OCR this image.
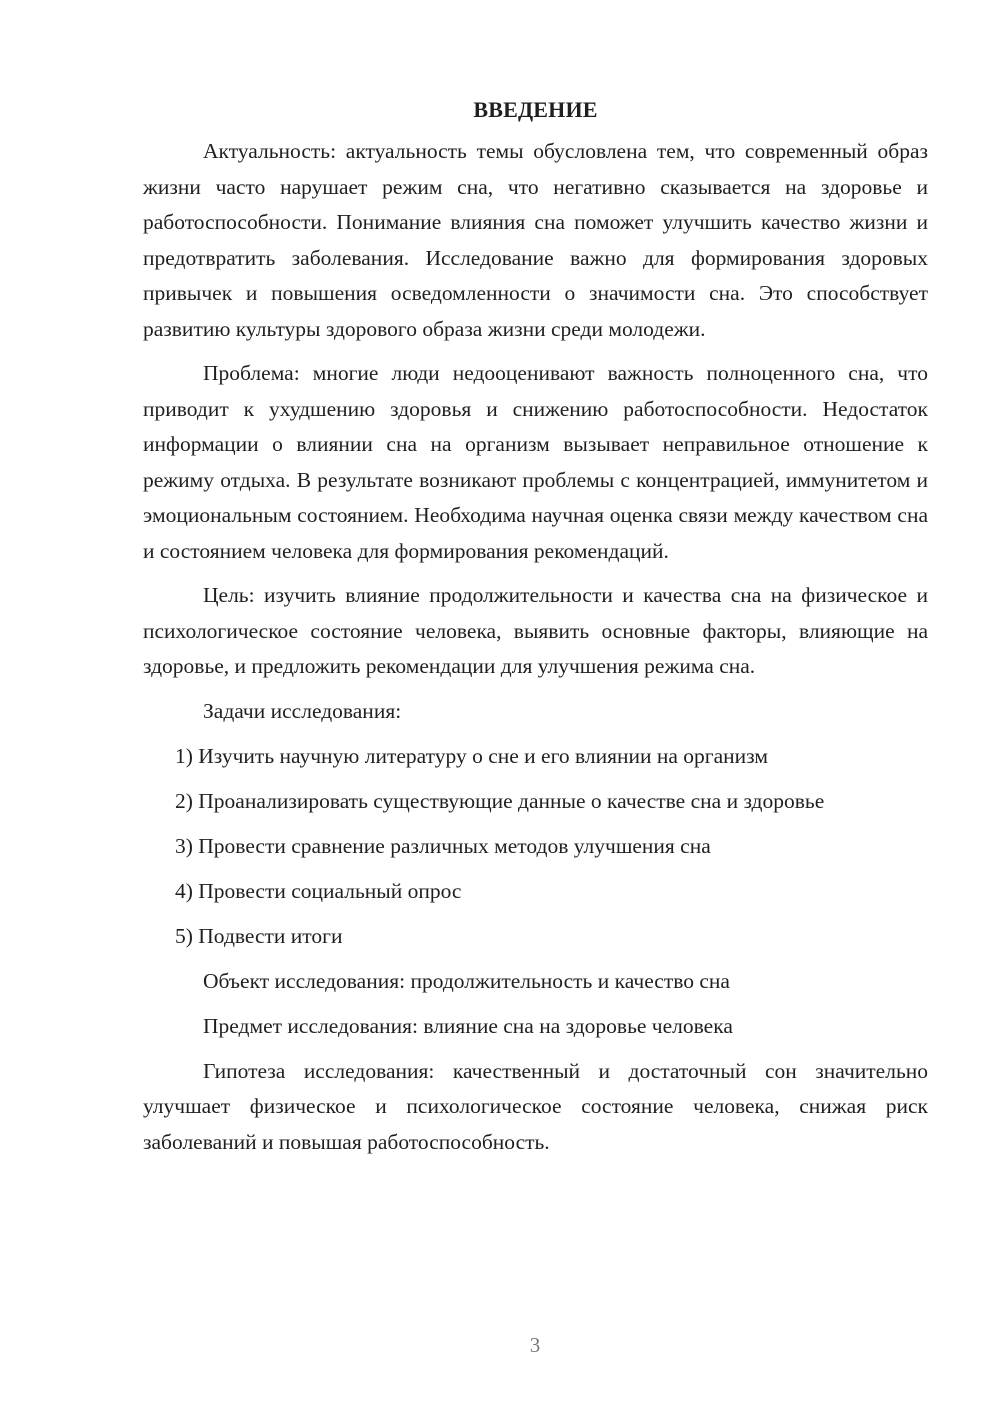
ВВЕДЕНИЕ

Актуальность: актуальность темы обусловлена тем, что современный образ жизни часто нарушает режим сна, что негативно сказывается на здоровье и работоспособности. Понимание влияния сна поможет улучшить качество жизни и предотвратить заболевания. Исследование важно для формирования здоровых привычек и повышения осведомленности о значимости сна. Это способствует развитию культуры здорового образа жизни среди молодежи.

Проблема: многие люди недооценивают важность полноценного сна, что приводит к ухудшению здоровья и снижению работоспособности. Недостаток информации о влиянии сна на организм вызывает неправильное отношение к режиму отдыха. В результате возникают проблемы с концентрацией, иммунитетом и эмоциональным состоянием. Необходима научная оценка связи между качеством сна и состоянием человека для формирования рекомендаций.

Цель: изучить влияние продолжительности и качества сна на физическое и психологическое состояние человека, выявить основные факторы, влияющие на здоровье, и предложить рекомендации для улучшения режима сна.

Задачи исследования:
1) Изучить научную литературу о сне и его влиянии на организм
2) Проанализировать существующие данные о качестве сна и здоровье
3) Провести сравнение различных методов улучшения сна
4) Провести социальный опрос
5) Подвести итоги
Объект исследования: продолжительность и качество сна
Предмет исследования: влияние сна на здоровье человека

Гипотеза исследования: качественный и достаточный сон значительно улучшает физическое и психологическое состояние человека, снижая риск заболеваний и повышая работоспособность.

3
